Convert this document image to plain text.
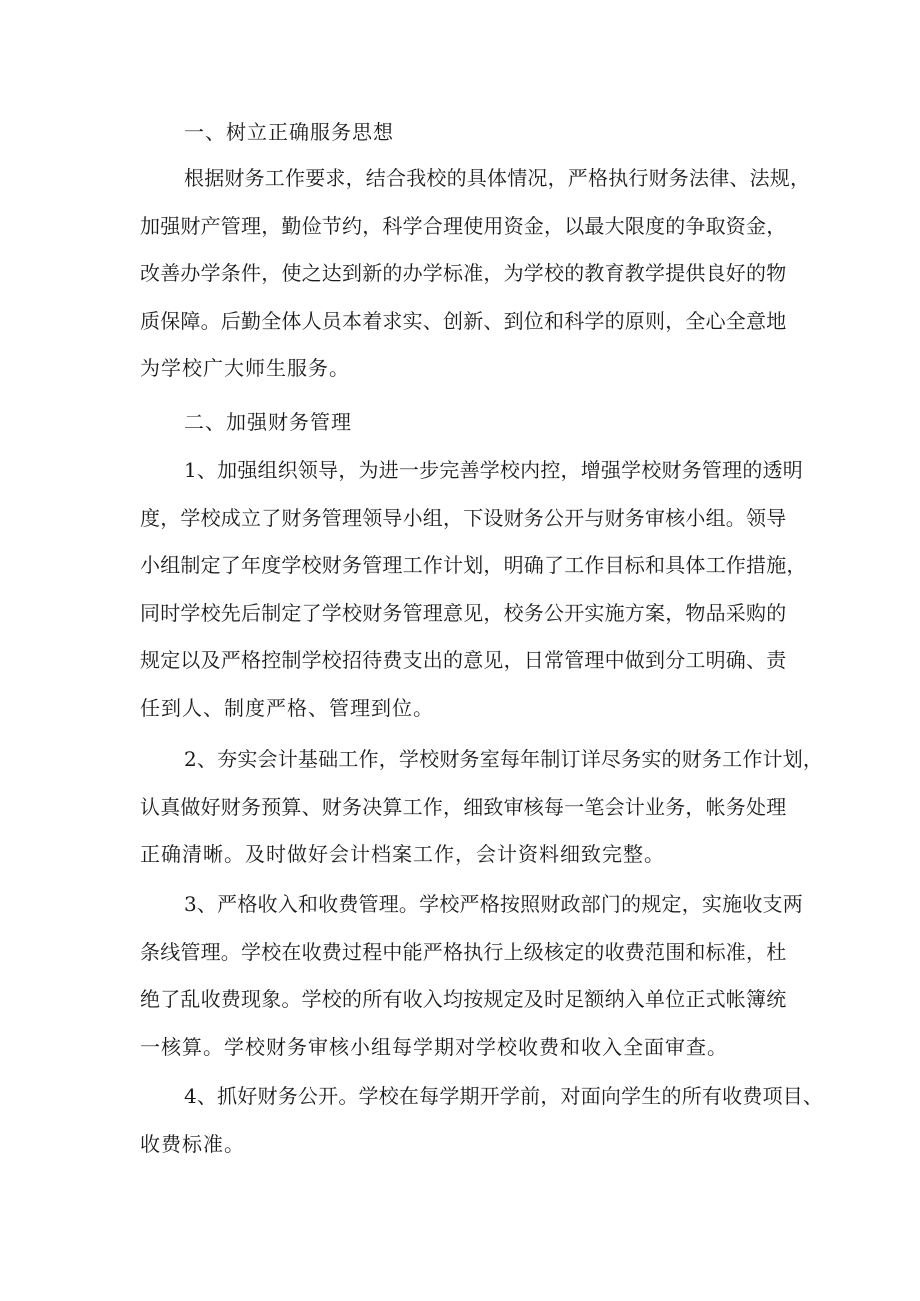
一、树立正确服务思想
根据财务工作要求，结合我校的具体情况，严格执行财务法律、法规，
加强财产管理，勤俭节约，科学合理使用资金，以最大限度的争取资金，
改善办学条件，使之达到新的办学标准，为学校的教育教学提供良好的物
质保障。后勤全体人员本着求实、创新、到位和科学的原则，全心全意地
为学校广大师生服务。
二、加强财务管理
1、加强组织领导，为进一步完善学校内控，增强学校财务管理的透明
度，学校成立了财务管理领导小组，下设财务公开与财务审核小组。领导
小组制定了年度学校财务管理工作计划，明确了工作目标和具体工作措施，
同时学校先后制定了学校财务管理意见，校务公开实施方案，物品采购的
规定以及严格控制学校招待费支出的意见，日常管理中做到分工明确、责
任到人、制度严格、管理到位。
2、夯实会计基础工作，学校财务室每年制订详尽务实的财务工作计划，
认真做好财务预算、财务决算工作，细致审核每一笔会计业务，帐务处理
正确清晰。及时做好会计档案工作，会计资料细致完整。
3、严格收入和收费管理。学校严格按照财政部门的规定，实施收支两
条线管理。学校在收费过程中能严格执行上级核定的收费范围和标准，杜
绝了乱收费现象。学校的所有收入均按规定及时足额纳入单位正式帐簿统
一核算。学校财务审核小组每学期对学校收费和收入全面审查。
4、抓好财务公开。学校在每学期开学前，对面向学生的所有收费项目、
收费标准。
